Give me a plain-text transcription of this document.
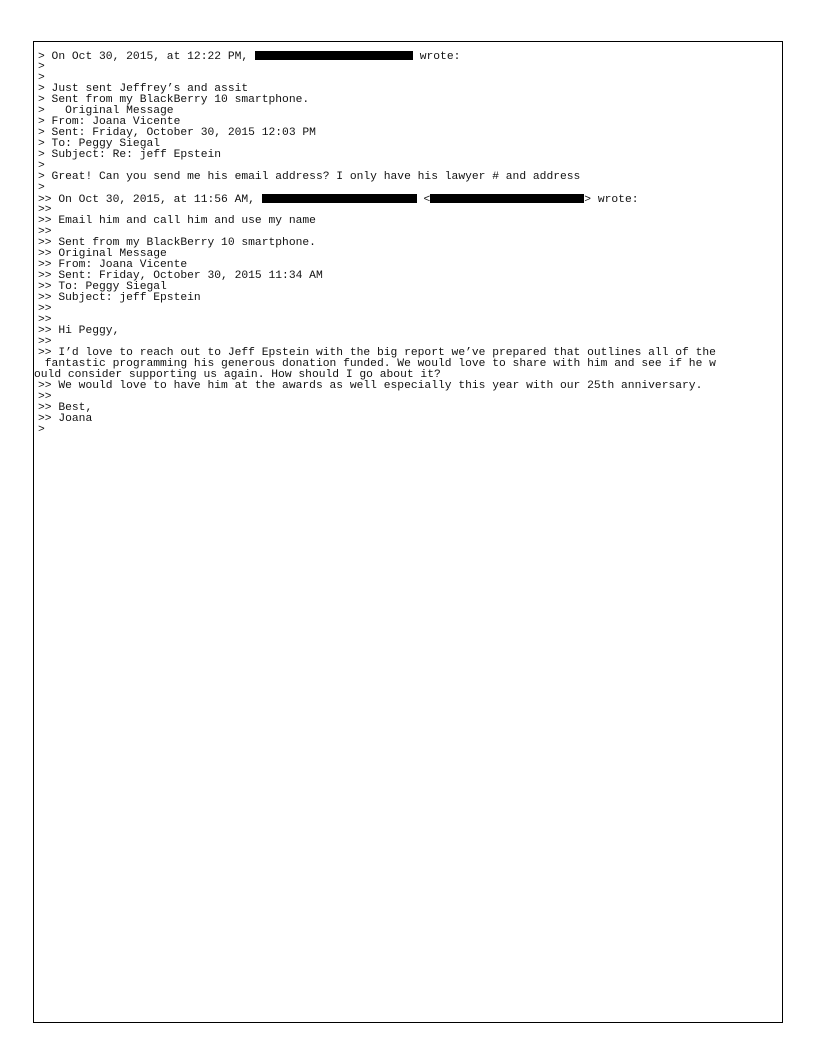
> On Oct 30, 2015, at 12:22 PM,	wrote:
>
>
> Just sent Jeffrey’s and assit
> Sent from my BlackBerry 10 smartphone.
>   Original Message
> From: Joana Vicente
> Sent: Friday, October 30, 2015 12:03 PM
> To: Peggy Siegal
> Subject: Re: jeff Epstein
>
> Great! Can you send me his email address? I only have his lawyer # and address
>
>> On Oct 30, 2015, at 11:56 AM,	<	> wrote:
>>
>> Email him and call him and use my name
>>
>> Sent from my BlackBerry 10 smartphone.
>> Original Message
>> From: Joana Vicente
>> Sent: Friday, October 30, 2015 11:34 AM
>> To: Peggy Siegal
>> Subject: jeff Epstein
>>
>>
>> Hi Peggy,
>>
>> I’d love to reach out to Jeff Epstein with the big report we’ve prepared that outlines all of the
fantastic programming his generous donation funded. We would love to share with him and see if he w
ould consider supporting us again. How should I go about it?
>> We would love to have him at the awards as well especially this year with our 25th anniversary.
>>
>> Best,
>> Joana
>
